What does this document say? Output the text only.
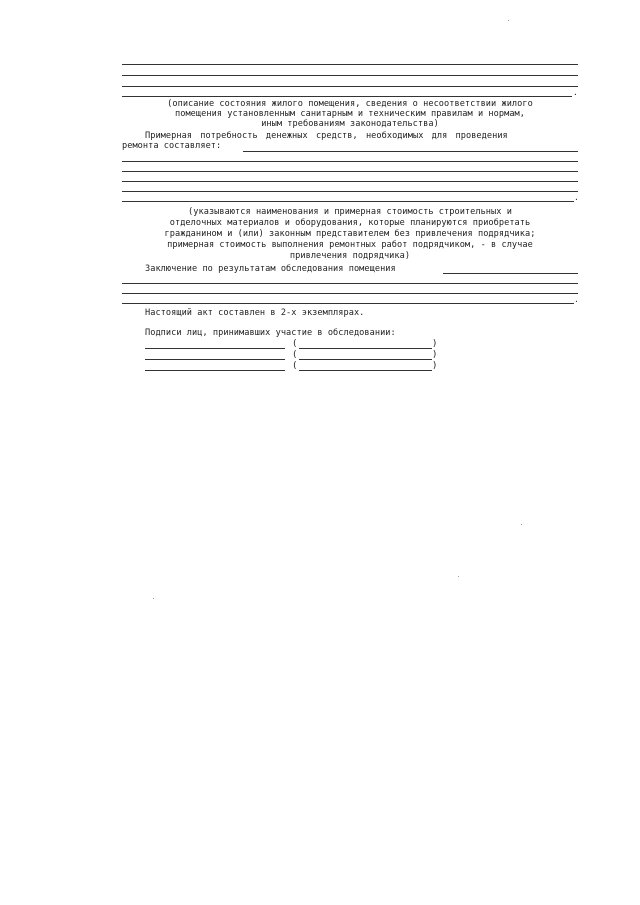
.
(описание состояния жилого помещения, сведения о несоответствии жилого
помещения установленным санитарным и техническим правилам и нормам,
иным требованиям законодательства)
Примерная потребность денежных средств, необходимых для проведения
ремонта составляет:
.
(указываются наименования и примерная стоимость строительных и
отделочных материалов и оборудования, которые планируются приобретать
гражданином и (или) законным представителем без привлечения подрядчика;
примерная стоимость выполнения ремонтных работ подрядчиком, - в случае
привлечения подрядчика)
Заключение по результатам обследования помещения
.
Настоящий акт составлен в 2-х экземплярах.
Подписи лиц, принимавших участие в обследовании:
(	)
(	)
(	)
